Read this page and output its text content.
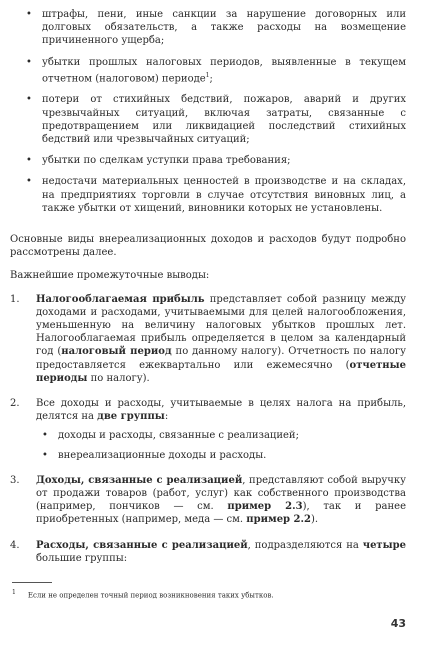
• штрафы, пени, иные санкции за нарушение договорных или долговых обязательств, а также расходы на возмещение причиненного ущерба;
• убытки прошлых налоговых периодов, выявленные в текущем отчетном (налоговом) периоде$^1$;
• потери от стихийных бедствий, пожаров, аварий и других чрезвычайных ситуаций, включая затраты, связанные с предотвращением или ликвидацией последствий стихийных бедствий или чрезвычайных ситуаций;
• убытки по сделкам уступки права требования;
• недостачи материальных ценностей в производстве и на складах, на предприятиях торговли в случае отсутствия виновных лиц, а также убытки от хищений, виновники которых не установлены.

Основные виды внереализационных доходов и расходов будут подробно рассмотрены далее.

Важнейшие промежуточные выводы:

1. Налогооблагаемая прибыль представляет собой разницу между доходами и расходами, учитываемыми для целей налогообложения, уменьшенную на величину налоговых убытков прошлых лет. Налогооблагаемая прибыль определяется в целом за календарный год (налоговый период по данному налогу). Отчетность по налогу предоставляется ежеквартально или ежемесячно (отчетные периоды по налогу).
2. Все доходы и расходы, учитываемые в целях налога на прибыль, делятся на две группы:
• доходы и расходы, связанные с реализацией;
• внереализационные доходы и расходы.
3. Доходы, связанные с реализацией, представляют собой выручку от продажи товаров (работ, услуг) как собственного производства (например, пончиков — см. пример 2.3), так и ранее приобретенных (например, меда — см. пример 2.2).
4. Расходы, связанные с реализацией, подразделяются на четыре большие группы:
$^1$ Если не определен точный период возникновения таких убытков.
43
